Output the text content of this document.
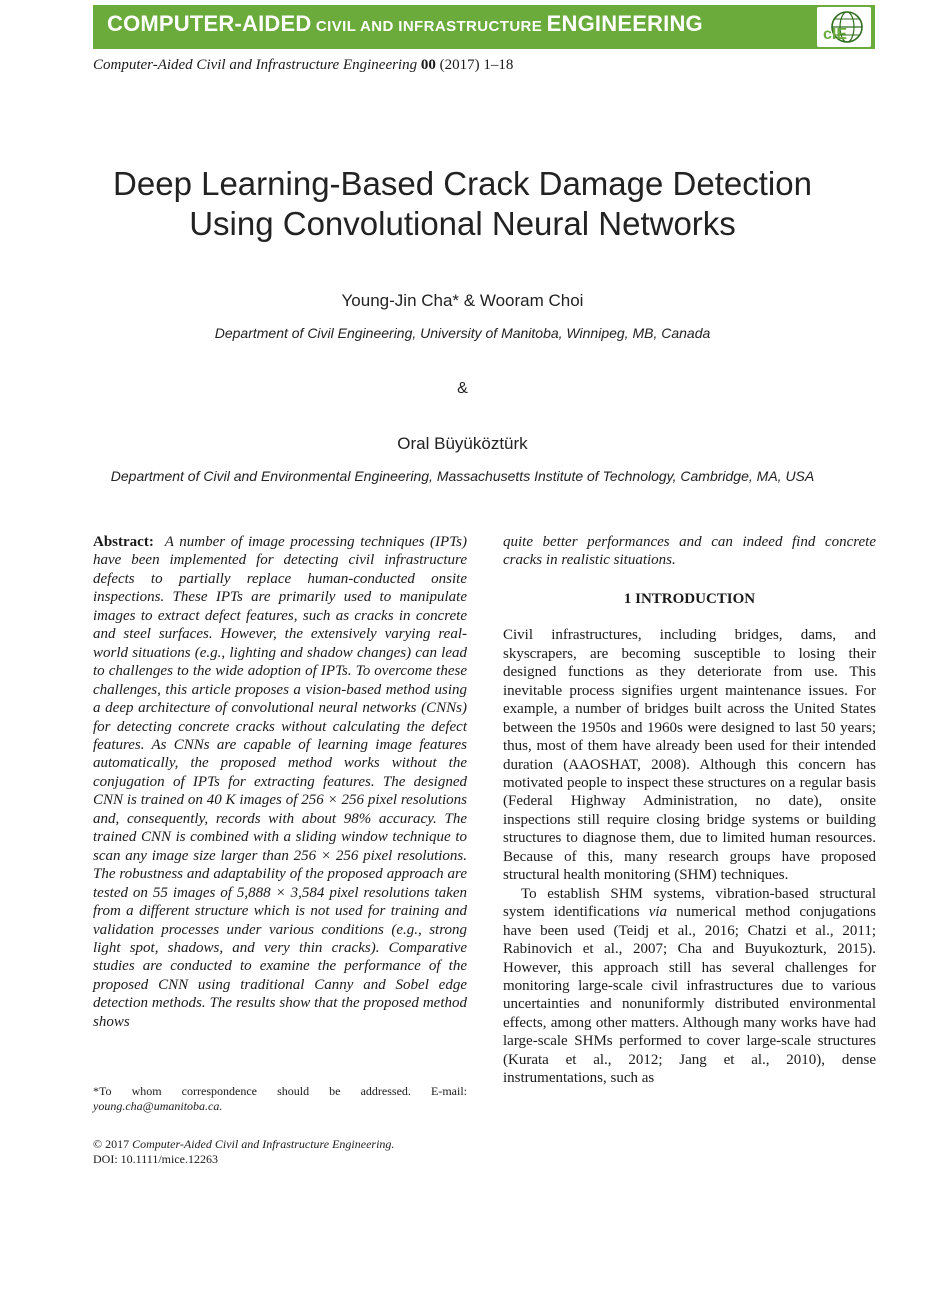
COMPUTER-AIDED CIVIL AND INFRASTRUCTURE ENGINEERING	cIE
Computer-Aided Civil and Infrastructure Engineering 00 (2017) 1–18
Deep Learning-Based Crack Damage Detection
Using Convolutional Neural Networks
Young-Jin Cha* & Wooram Choi
Department of Civil Engineering, University of Manitoba, Winnipeg, MB, Canada
&
Oral Büyüköztürk
Department of Civil and Environmental Engineering, Massachusetts Institute of Technology, Cambridge, MA, USA

Abstract: A number of image processing techniques (IPTs) have been implemented for detecting civil infrastructure defects to partially replace human-conducted onsite inspections. These IPTs are primarily used to manipulate images to extract defect features, such as cracks in concrete and steel surfaces. However, the extensively varying real-world situations (e.g., lighting and shadow changes) can lead to challenges to the wide adoption of IPTs. To overcome these challenges, this article proposes a vision-based method using a deep architecture of convolutional neural networks (CNNs) for detecting concrete cracks without calculating the defect features. As CNNs are capable of learning image features automatically, the proposed method works without the conjugation of IPTs for extracting features. The designed CNN is trained on 40 K images of 256 × 256 pixel resolutions and, consequently, records with about 98% accuracy. The trained CNN is combined with a sliding window technique to scan any image size larger than 256 × 256 pixel resolutions. The robustness and adaptability of the proposed approach are tested on 55 images of 5,888 × 3,584 pixel resolutions taken from a different structure which is not used for training and validation processes under various conditions (e.g., strong light spot, shadows, and very thin cracks). Comparative studies are conducted to examine the performance of the proposed CNN using traditional Canny and Sobel edge detection methods. The results show that the proposed method shows

*To whom correspondence should be addressed. E-mail: young.cha@umanitoba.ca.
© 2017 Computer-Aided Civil and Infrastructure Engineering.
DOI: 10.1111/mice.12263

quite better performances and can indeed find concrete cracks in realistic situations.

1 INTRODUCTION

Civil infrastructures, including bridges, dams, and skyscrapers, are becoming susceptible to losing their designed functions as they deteriorate from use. This inevitable process signifies urgent maintenance issues. For example, a number of bridges built across the United States between the 1950s and 1960s were designed to last 50 years; thus, most of them have already been used for their intended duration (AAOSHAT, 2008). Although this concern has motivated people to inspect these structures on a regular basis (Federal Highway Administration, no date), onsite inspections still require closing bridge systems or building structures to diagnose them, due to limited human resources. Because of this, many research groups have proposed structural health monitoring (SHM) techniques.

To establish SHM systems, vibration-based structural system identifications via numerical method conjugations have been used (Teidj et al., 2016; Chatzi et al., 2011; Rabinovich et al., 2007; Cha and Buyukozturk, 2015). However, this approach still has several challenges for monitoring large-scale civil infrastructures due to various uncertainties and nonuniformly distributed environmental effects, among other matters. Although many works have had large-scale SHMs performed to cover large-scale structures (Kurata et al., 2012; Jang et al., 2010), dense instrumentations, such as
